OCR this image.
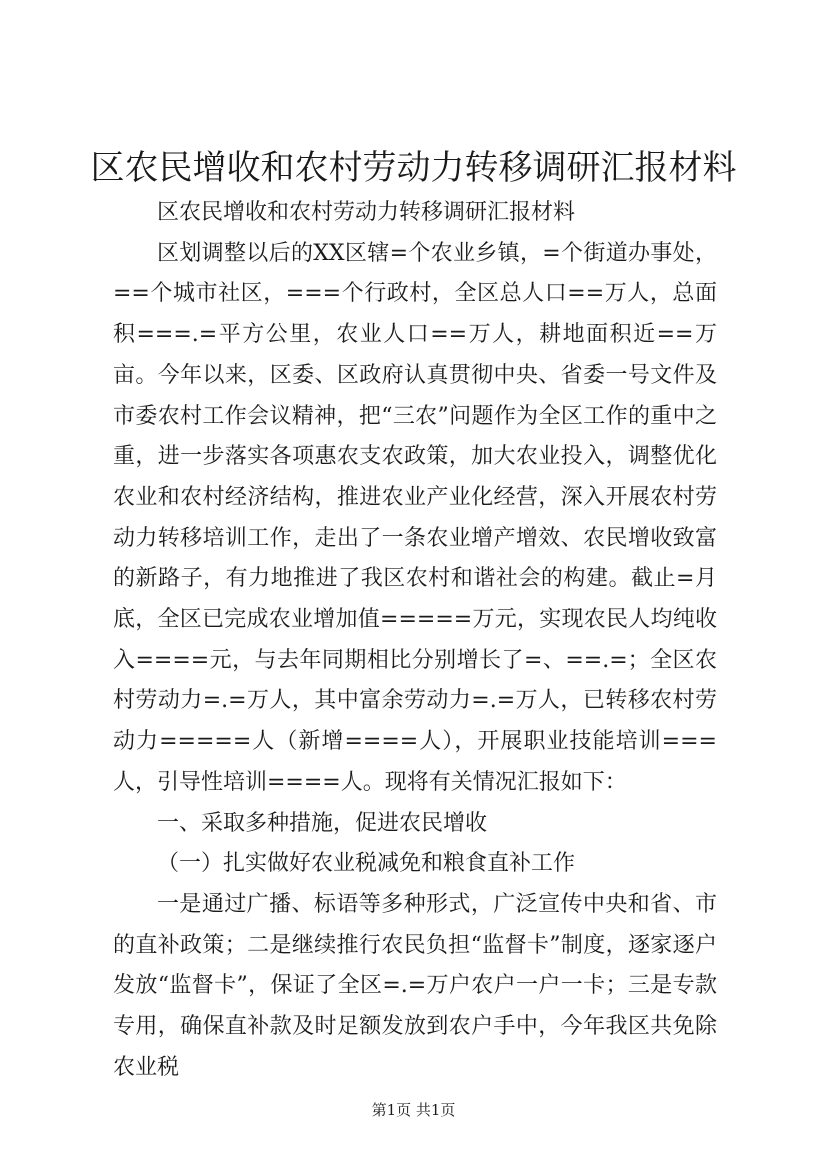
区农民增收和农村劳动力转移调研汇报材料

区农民增收和农村劳动力转移调研汇报材料

区划调整以后的XX区辖=个农业乡镇，=个街道办事处，==个城市社区，===个行政村，全区总人口==万人，总面积===.=平方公里，农业人口==万人，耕地面积近==万亩。今年以来，区委、区政府认真贯彻中央、省委一号文件及市委农村工作会议精神，把“三农”问题作为全区工作的重中之重，进一步落实各项惠农支农政策，加大农业投入，调整优化农业和农村经济结构，推进农业产业化经营，深入开展农村劳动力转移培训工作，走出了一条农业增产增效、农民增收致富的新路子，有力地推进了我区农村和谐社会的构建。截止=月底，全区已完成农业增加值=====万元，实现农民人均纯收入====元，与去年同期相比分别增长了=、==.=；全区农村劳动力=.=万人，其中富余劳动力=.=万人，已转移农村劳动力=====人（新增====人），开展职业技能培训===人，引导性培训====人。现将有关情况汇报如下：

一、采取多种措施，促进农民增收

（一）扎实做好农业税减免和粮食直补工作

一是通过广播、标语等多种形式，广泛宣传中央和省、市的直补政策；二是继续推行农民负担“监督卡”制度，逐家逐户发放“监督卡”，保证了全区=.=万户农户一户一卡；三是专款专用，确保直补款及时足额发放到农户手中，今年我区共免除农业税

第1页 共1页
